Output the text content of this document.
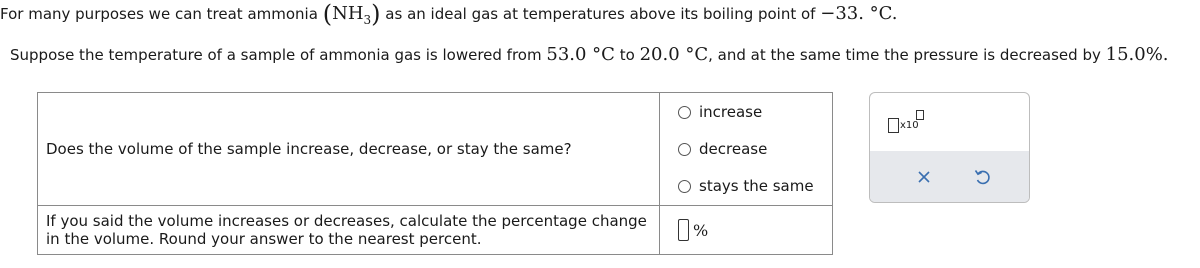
For many purposes we can treat ammonia $(NH_3)$ as an ideal gas at temperatures above its boiling point of −33. °C.
Suppose the temperature of a sample of ammonia gas is lowered from 53.0 °C to 20.0 °C, and at the same time the pressure is decreased by 15.0%.
Does the volume of the sample increase, decrease, or stay the same?	increase
decrease
stays the same

If you said the volume increases or decreases, calculate the percentage change in the volume. Round your answer to the nearest percent.	%
x10
